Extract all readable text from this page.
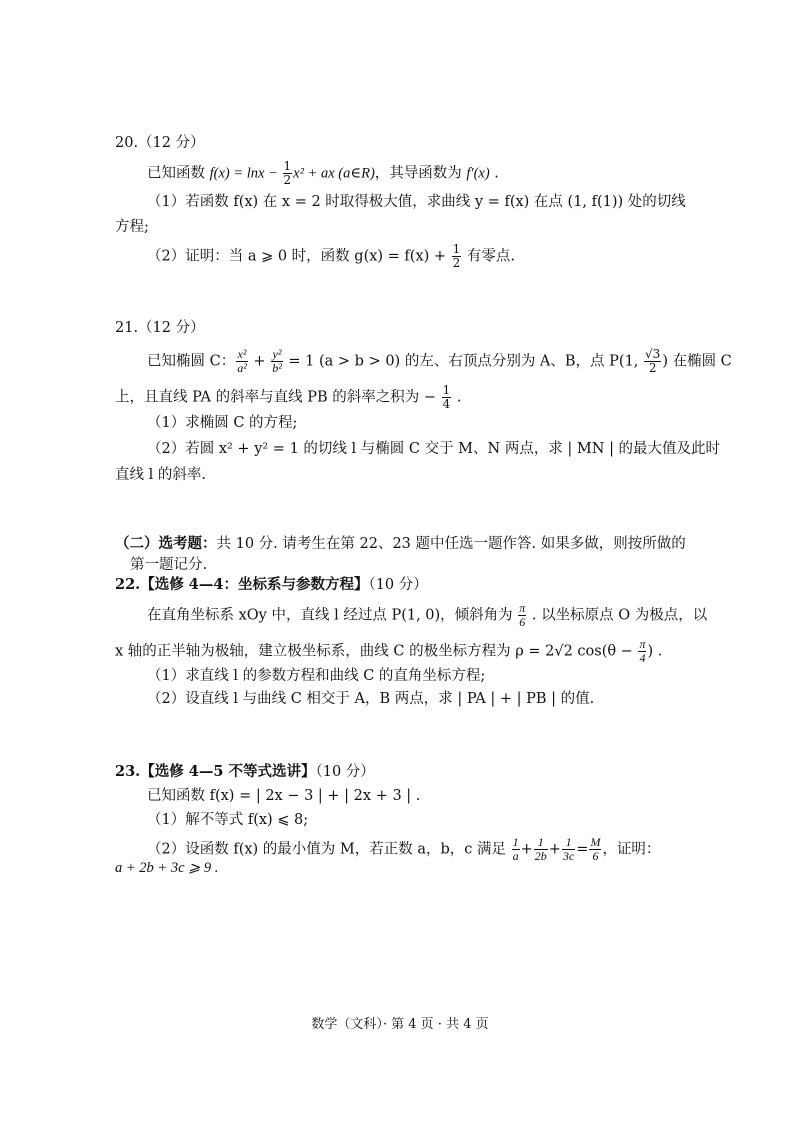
20.（12 分）
已知函数 $f(x) = \ln x - \frac{1}{2} x^2$ + ax (a∈R)，其导函数为 f′(x) .
（1）若函数 f(x) 在 x = 2 时取得极大值，求曲线 y = f(x) 在点 (1, f(1)) 处的切线
方程;
（2）证明：当 a ⩾ 0 时，函数 $g(x) = f(x) + \frac{1}{2}$ 有零点.
21.（12 分）
已知椭圆 C： $\frac{\text{x²}}{\text{a²}} + \frac{\text{y²}}{\text{b²}} = 1$ (a > b > 0) 的左、右顶点分别为 A、B，点 P(1, $\frac{√3}{2}$ ) 在椭圆 C
上，且直线 PA 的斜率与直线 PB 的斜率之积为 − $\frac{1}{4}$ .
（1）求椭圆 C 的方程;
（2）若圆 x² + y² = 1 的切线 l 与椭圆 C 交于 M、N 两点，求 | MN | 的最大值及此时
直线 l 的斜率.
（二）选考题：共 10 分. 请考生在第 22、23 题中任选一题作答. 如果多做，则按所做的
第一题记分.
22.【选修 4—4：坐标系与参数方程】（10 分）
在直角坐标系 xOy 中，直线 l 经过点 P(1, 0)，倾斜角为 $\frac{\pi}{6}$ . 以坐标原点 O 为极点，以
x 轴的正半轴为极轴，建立极坐标系，曲线 C 的极坐标方程为 ρ = 2√2 $\cos(\theta - \frac{\pi}{4}$ ) .
（1）求直线 l 的参数方程和曲线 C 的直角坐标方程;
（2）设直线 l 与曲线 C 相交于 A，B 两点，求 | PA | + | PB | 的值.
23.【选修 4—5 不等式选讲】（10 分）
已知函数 f(x) = | 2x − 3 | + | 2x + 3 | .
（1）解不等式 f(x) ⩽ 8;
（2）设函数 f(x) 的最小值为 M，若正数 a，b，c 满足 $\frac{1}{a} + \frac{1}{2b} + \frac{1}{3c} = \frac{M}{6}$ ，证明：
a + 2b + 3c ⩾ 9 .
数学（文科）· 第 4 页 · 共 4 页
